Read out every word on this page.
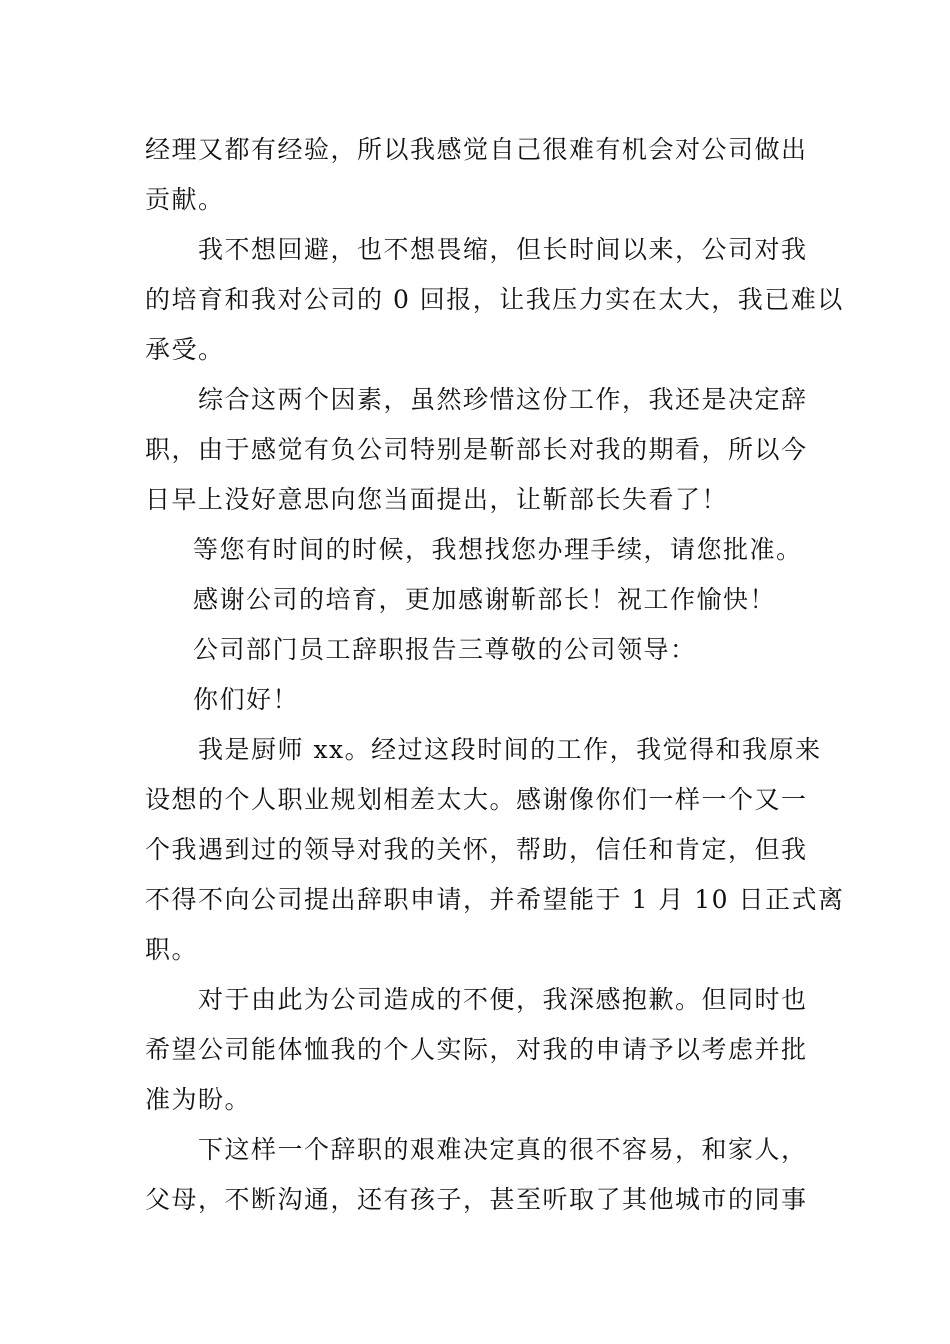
经理又都有经验，所以我感觉自己很难有机会对公司做出
贡献。
我不想回避，也不想畏缩，但长时间以来，公司对我
的培育和我对公司的 0 回报，让我压力实在太大，我已难以
承受。
综合这两个因素，虽然珍惜这份工作，我还是决定辞
职，由于感觉有负公司特别是靳部长对我的期看，所以今
日早上没好意思向您当面提出，让靳部长失看了！
等您有时间的时候，我想找您办理手续，请您批准。
感谢公司的培育，更加感谢靳部长！祝工作愉快！
公司部门员工辞职报告三尊敬的公司领导：
你们好！
我是厨师 xx。经过这段时间的工作，我觉得和我原来
设想的个人职业规划相差太大。感谢像你们一样一个又一
个我遇到过的领导对我的关怀，帮助，信任和肯定，但我
不得不向公司提出辞职申请，并希望能于 1 月 10 日正式离
职。
对于由此为公司造成的不便，我深感抱歉。但同时也
希望公司能体恤我的个人实际，对我的申请予以考虑并批
准为盼。
下这样一个辞职的艰难决定真的很不容易，和家人，
父母，不断沟通，还有孩子，甚至听取了其他城市的同事
